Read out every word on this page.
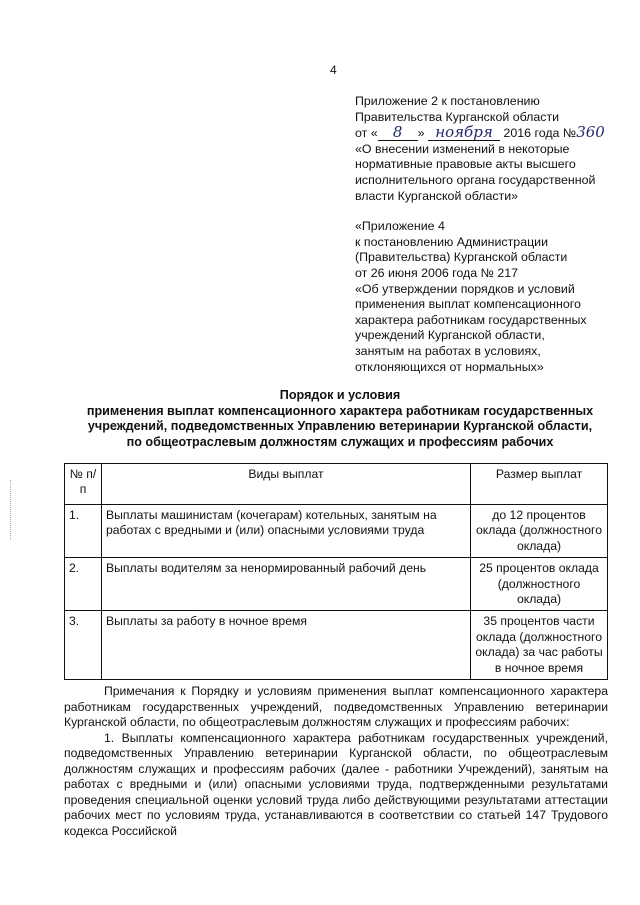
4
Приложение 2 к постановлению
Правительства Курганской области
от « 8 » ноября 2016 года №360
«О внесении изменений в некоторые
нормативные правовые акты высшего
исполнительного органа государственной
власти Курганской области»
«Приложение 4
к постановлению Администрации
(Правительства) Курганской области
от 26 июня 2006 года № 217
«Об утверждении порядков и условий
применения выплат компенсационного
характера работникам государственных
учреждений Курганской области,
занятым на работах в условиях,
отклоняющихся от нормальных»
Порядок и условия
применения выплат компенсационного характера работникам государственных
учреждений, подведомственных Управлению ветеринарии Курганской области,
по общеотраслевым должностям служащих и профессиям рабочих
№ п/п	Виды выплат	Размер выплат
1.	Выплаты машинистам (кочегарам) котельных, занятым на работах с вредными и (или) опасными условиями труда	до 12 процентов оклада (должностного оклада)
2.	Выплаты водителям за ненормированный рабочий день	25 процентов оклада (должностного оклада)
3.	Выплаты за работу в ночное время	35 процентов части оклада (должностного оклада) за час работы в ночное время

Примечания к Порядку и условиям применения выплат компенсационного характера работникам государственных учреждений, подведомственных Управлению ветеринарии Курганской области, по общеотраслевым должностям служащих и профессиям рабочих:

1. Выплаты компенсационного характера работникам государственных учреждений, подведомственных Управлению ветеринарии Курганской области, по общеотраслевым должностям служащих и профессиям рабочих (далее - работники Учреждений), занятым на работах с вредными и (или) опасными условиями труда, подтвержденными результатами проведения специальной оценки условий труда либо действующими результатами аттестации рабочих мест по условиям труда, устанавливаются в соответствии со статьей 147 Трудового кодекса Российской
